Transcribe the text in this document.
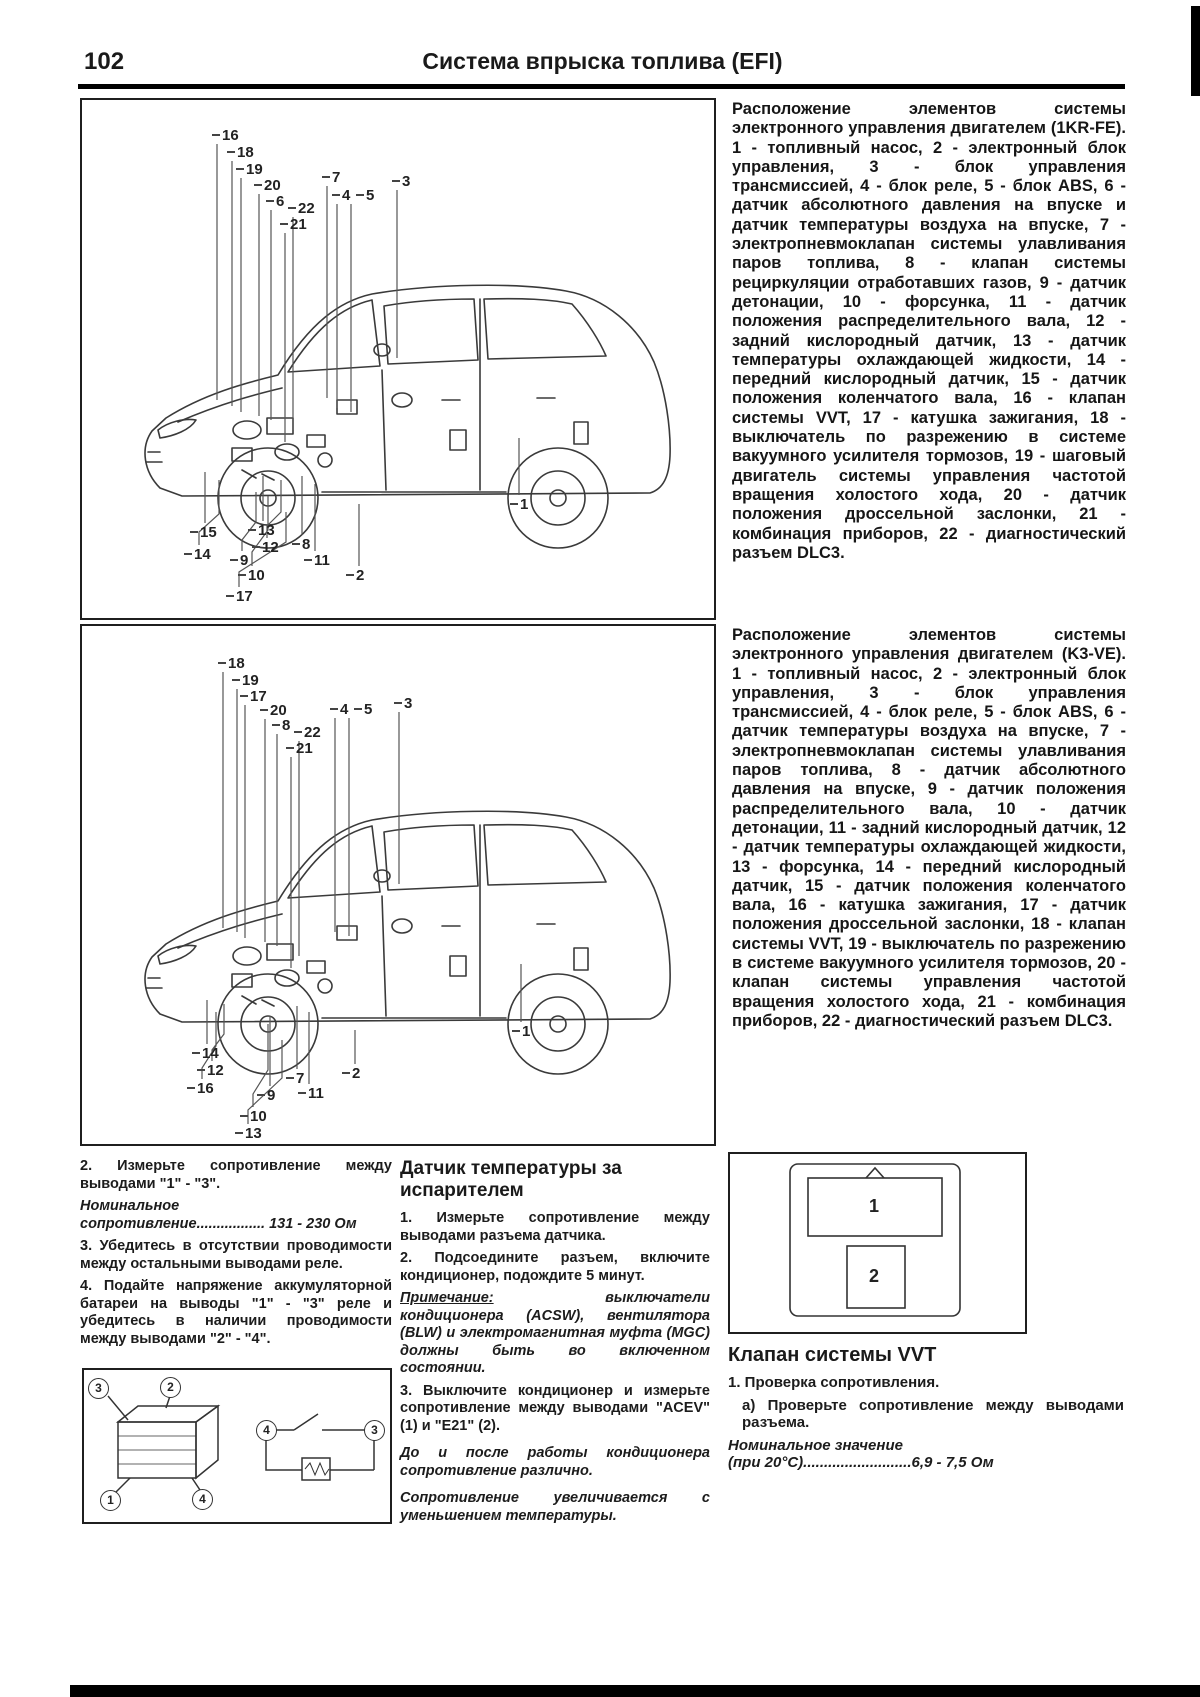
102	Система впрыска топлива (EFI)
16
18
19
20
6 22
21
7
4	5
3
15	13
14	12	8
9
10
17
11
2
1
18
19
17
20
8 22
21
4	5	3
14
12
16	9
7
11
10
13
2
1
Расположение элементов системы электронного управления двигателем (1KR-FE). 1 - топливный насос, 2 - электронный блок управления, 3 - блок управления трансмиссией, 4 - блок реле, 5 - блок ABS, 6 - датчик абсолютного давления на впуске и датчик температуры воздуха на впуске, 7 - электропневмоклапан системы улавливания паров топлива, 8 - клапан системы рециркуляции отработавших газов, 9 - датчик детонации, 10 - форсунка, 11 - датчик положения распределительного вала, 12 - задний кислородный датчик, 13 - датчик температуры охлаждающей жидкости, 14 - передний кислородный датчик, 15 - датчик положения коленчатого вала, 16 - клапан системы VVT, 17 - катушка зажигания, 18 - выключатель по разрежению в системе вакуумного усилителя тормозов, 19 - шаговый двигатель системы управления частотой вращения холостого хода, 20 - датчик положения дроссельной заслонки, 21 - комбинация приборов, 22 - диагностический разъем DLC3.
Расположение элементов системы электронного управления двигателем (K3-VE). 1 - топливный насос, 2 - электронный блок управления, 3 - блок управления трансмиссией, 4 - блок реле, 5 - блок ABS, 6 - датчик температуры воздуха на впуске, 7 - электропневмоклапан системы улавливания паров топлива, 8 - датчик абсолютного давления на впуске, 9 - датчик положения распределительного вала, 10 - датчик детонации, 11 - задний кислородный датчик, 12 - датчик температуры охлаждающей жидкости, 13 - форсунка, 14 - передний кислородный датчик, 15 - датчик положения коленчатого вала, 16 - катушка зажигания, 17 - датчик положения дроссельной заслонки, 18 - клапан системы VVT, 19 - выключатель по разрежению в системе вакуумного усилителя тормозов, 20 - клапан системы управления частотой вращения холостого хода, 21 - комбинация приборов, 22 - диагностический разъем DLC3.

2. Измерьте сопротивление между выводами "1" - "3".

Номинальное
сопротивление................. 131 - 230 Ом

3. Убедитесь в отсутствии проводимости между остальными выводами реле.

4. Подайте напряжение аккумуляторной батареи на выводы "1" - "3" реле и убедитесь в наличии проводимости между выводами "2" - "4".

3	2
1	4
4	3
Датчик температуры за испарителем

1. Измерьте сопротивление между выводами разъема датчика.

2. Подсоедините разъем, включите кондиционер, подождите 5 минут.

Примечание: выключатели кондиционера (ACSW), вентилятора (BLW) и электромагнитная муфта (MGC) должны быть во включенном состоянии.

3. Выключите кондиционер и измерьте сопротивление между выводами "ACEV" (1) и "E21" (2).

До и после работы кондиционера сопротивление различно.

Сопротивление увеличивается с уменьшением температуры.

1
2
Клапан системы VVT

1. Проверка сопротивления.

а) Проверьте сопротивление между выводами разъема.

Номинальное значение
(при 20°C)..........................6,9 - 7,5 Ом
